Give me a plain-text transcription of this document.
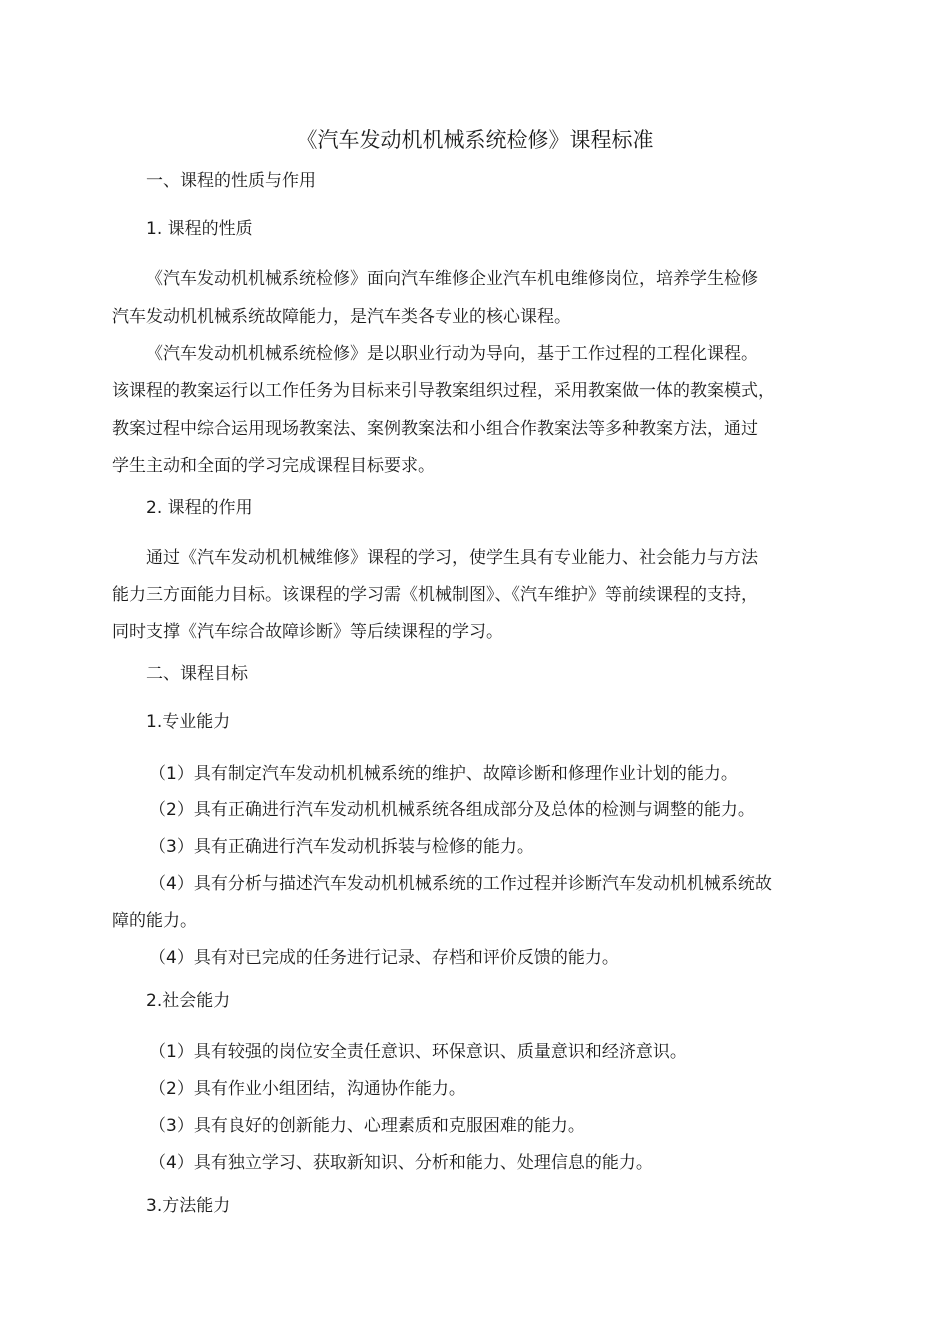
《汽车发动机机械系统检修》课程标准
一、课程的性质与作用
1. 课程的性质
《汽车发动机机械系统检修》面向汽车维修企业汽车机电维修岗位，培养学生检修
汽车发动机机械系统故障能力，是汽车类各专业的核心课程。
《汽车发动机机械系统检修》是以职业行动为导向，基于工作过程的工程化课程。
该课程的教案运行以工作任务为目标来引导教案组织过程，采用教案做一体的教案模式，
教案过程中综合运用现场教案法、案例教案法和小组合作教案法等多种教案方法，通过
学生主动和全面的学习完成课程目标要求。
2. 课程的作用
通过《汽车发动机机械维修》课程的学习，使学生具有专业能力、社会能力与方法
能力三方面能力目标。该课程的学习需《机械制图》、《汽车维护》等前续课程的支持，
同时支撑《汽车综合故障诊断》等后续课程的学习。
二、课程目标
1.专业能力
（1）具有制定汽车发动机机械系统的维护、故障诊断和修理作业计划的能力。
（2）具有正确进行汽车发动机机械系统各组成部分及总体的检测与调整的能力。
（3）具有正确进行汽车发动机拆装与检修的能力。
（4）具有分析与描述汽车发动机机械系统的工作过程并诊断汽车发动机机械系统故
障的能力。
（4）具有对已完成的任务进行记录、存档和评价反馈的能力。
2.社会能力
（1）具有较强的岗位安全责任意识、环保意识、质量意识和经济意识。
（2）具有作业小组团结，沟通协作能力。
（3）具有良好的创新能力、心理素质和克服困难的能力。
（4）具有独立学习、获取新知识、分析和能力、处理信息的能力。
3.方法能力
